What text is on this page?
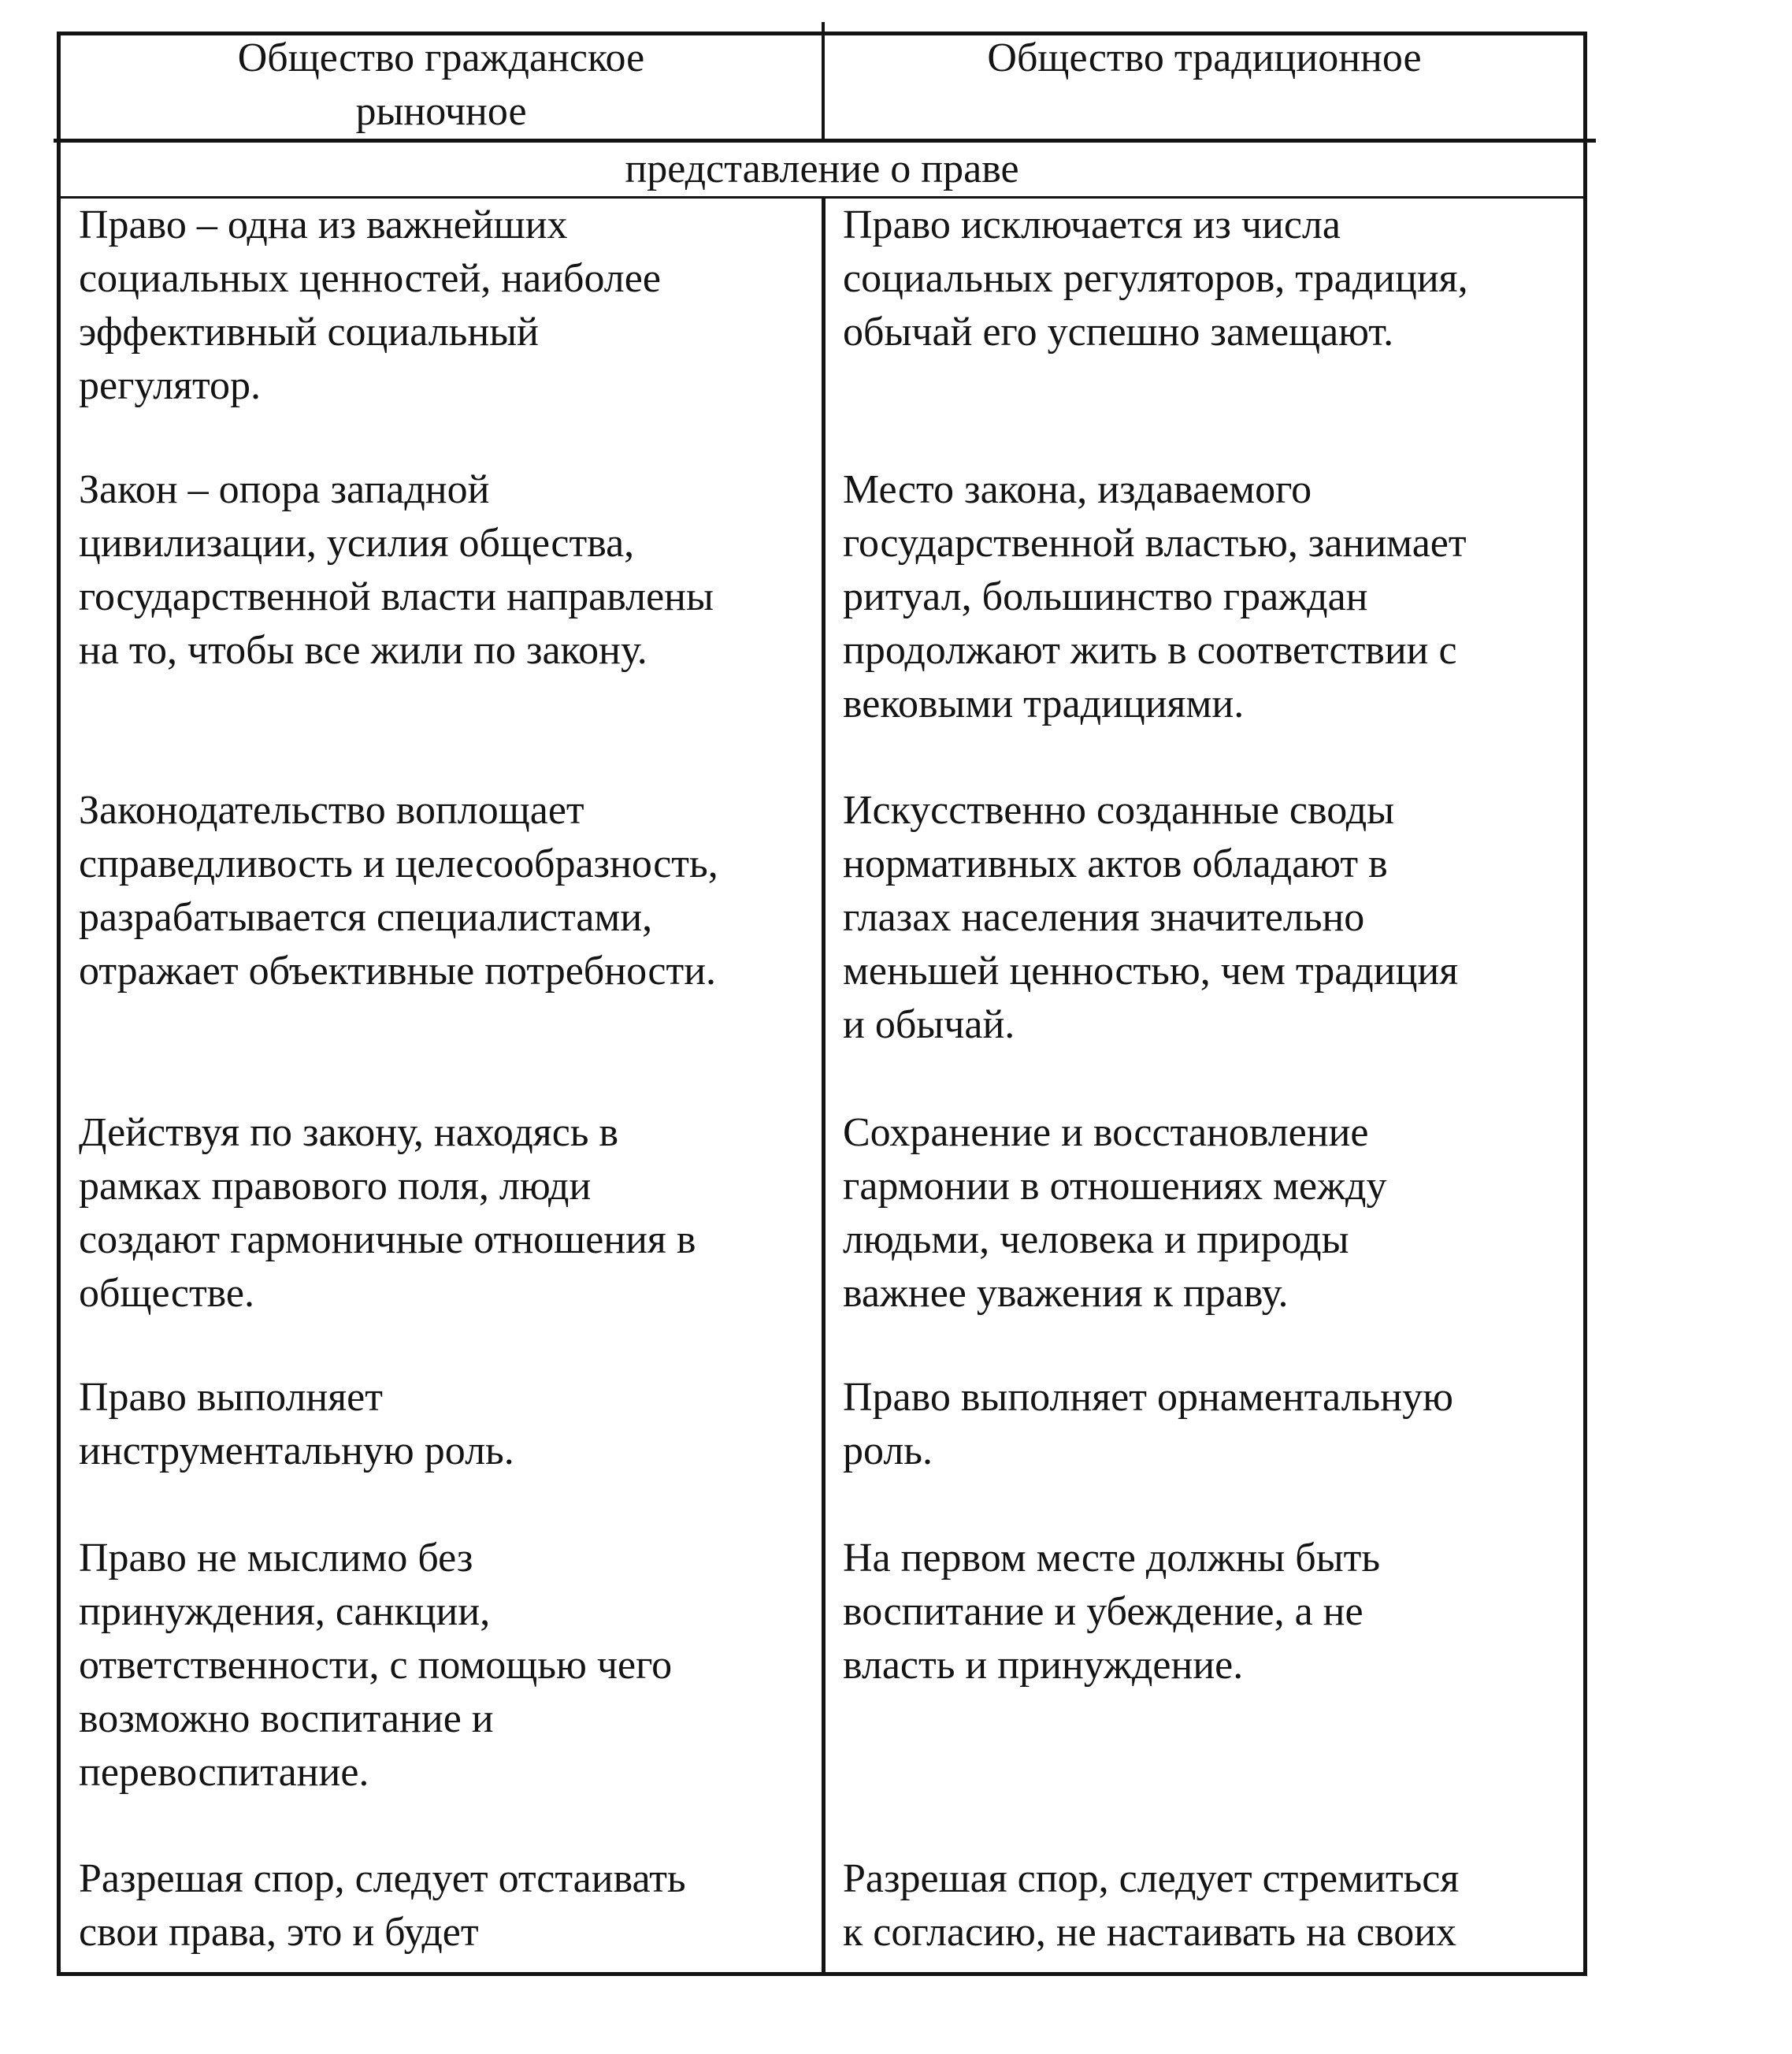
Общество гражданское
рыночное
Общество традиционное
представление о праве
Право – одна из важнейших
социальных ценностей, наиболее
эффективный социальный
регулятор.
Право исключается из числа
социальных регуляторов, традиция,
обычай его успешно замещают.
Закон – опора западной
цивилизации, усилия общества,
государственной власти направлены
на то, чтобы все жили по закону.
Место закона, издаваемого
государственной властью, занимает
ритуал, большинство граждан
продолжают жить в соответствии с
вековыми традициями.
Законодательство воплощает
справедливость и целесообразность,
разрабатывается специалистами,
отражает объективные потребности.
Искусственно созданные своды
нормативных актов обладают в
глазах населения значительно
меньшей ценностью, чем традиция
и обычай.
Действуя по закону, находясь в
рамках правового поля, люди
создают гармоничные отношения в
обществе.
Сохранение и восстановление
гармонии в отношениях между
людьми, человека и природы
важнее уважения к праву.
Право выполняет
инструментальную роль.
Право выполняет орнаментальную
роль.
Право не мыслимо без
принуждения, санкции,
ответственности, с помощью чего
возможно воспитание и
перевоспитание.
На первом месте должны быть
воспитание и убеждение, а не
власть и принуждение.
Разрешая спор, следует отстаивать
свои права, это и будет
Разрешая спор, следует стремиться
к согласию, не настаивать на своих
